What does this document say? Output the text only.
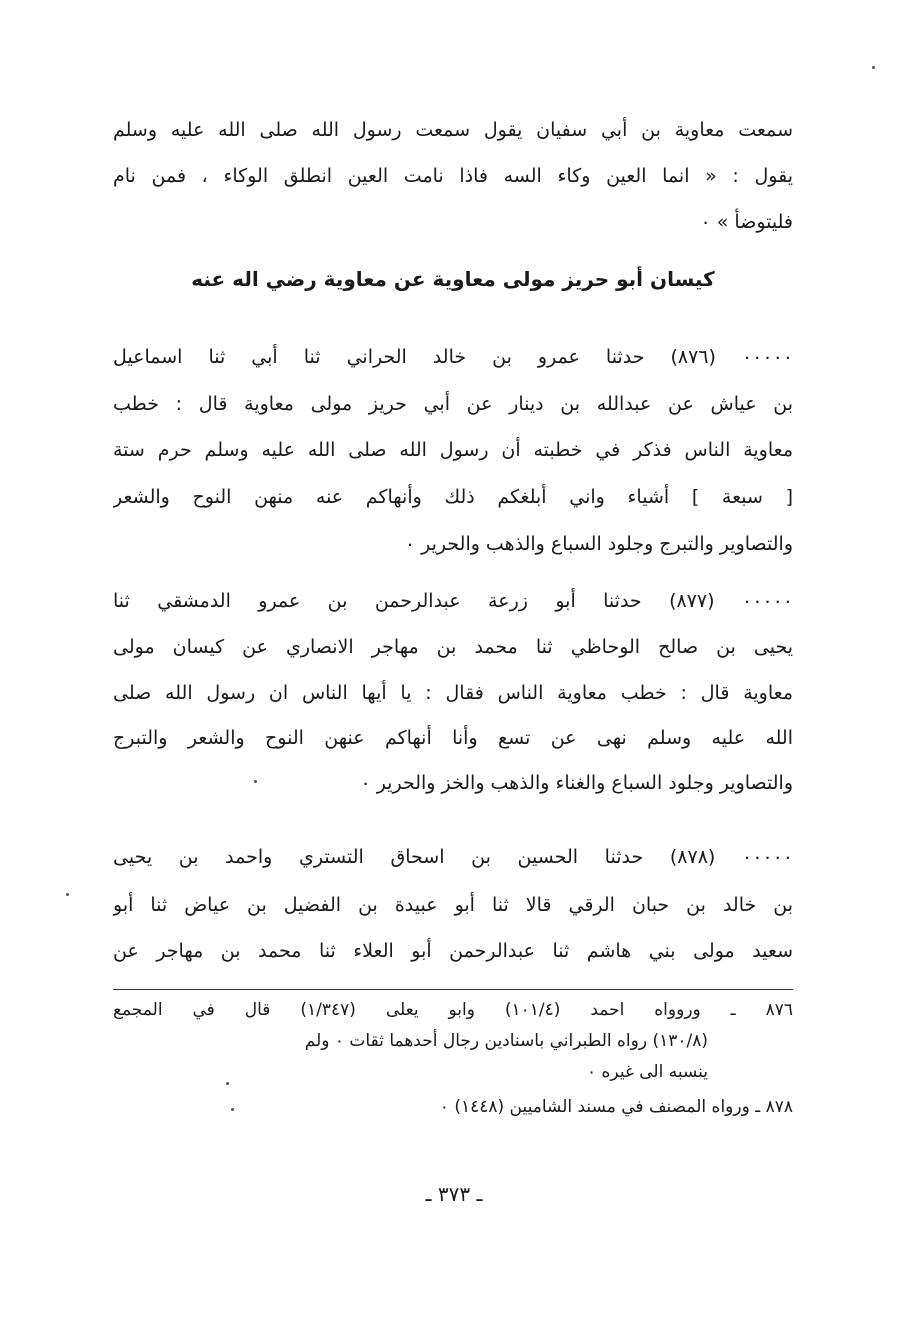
سمعت معاوية بن أبي سفيان يقول سمعت رسول الله صلى الله عليه وسلم
يقول : « انما العين وكاء السه فاذا نامت العين انطلق الوكاء ، فمن نام
فليتوضأ » ٠
كيسان أبو حريز مولى معاوية عن معاوية رضي اله عنه
٠٠٠٠٠ (٨٧٦) حدثنا عمرو بن خالد الحراني ثنا أبي ثنا اسماعيل
بن عياش عن عبدالله بن دينار عن أبي حريز مولى معاوية قال : خطب
معاوية الناس فذكر في خطبته أن رسول الله صلى الله عليه وسلم حرم ستة
[ سبعة ] أشياء واني أبلغكم ذلك وأنهاكم عنه منهن النوح والشعر
والتصاوير والتبرج وجلود السباع والذهب والحرير ٠
٠٠٠٠٠ (٨٧٧) حدثنا أبو زرعة عبدالرحمن بن عمرو الدمشقي ثنا
يحيى بن صالح الوحاظي ثنا محمد بن مهاجر الانصاري عن كيسان مولى
معاوية قال : خطب معاوية الناس فقال : يا أيها الناس ان رسول الله صلى
الله عليه وسلم نهى عن تسع وأنا أنهاكم عنهن النوح والشعر والتبرج
والتصاوير وجلود السباع والغناء والذهب والخز والحرير ٠
٠٠٠٠٠ (٨٧٨) حدثنا الحسين بن اسحاق التستري واحمد بن يحيى
بن خالد بن حبان الرقي قالا ثنا أبو عبيدة بن الفضيل بن عياض ثنا أبو
سعيد مولى بني هاشم ثنا عبدالرحمن أبو العلاء ثنا محمد بن مهاجر عن
٨٧٦ ـ وروواه احمد (١٠١/٤) وابو يعلى (١/٣٤٧) قال في المجمع
(١٣٠/٨) رواه الطبراني باسنادين رجال أحدهما ثقات ٠ ولم
ينسبه الى غيره ٠
٨٧٨ ـ ورواه المصنف في مسند الشاميين (١٤٤٨) ٠
ـ ٣٧٣ ـ
